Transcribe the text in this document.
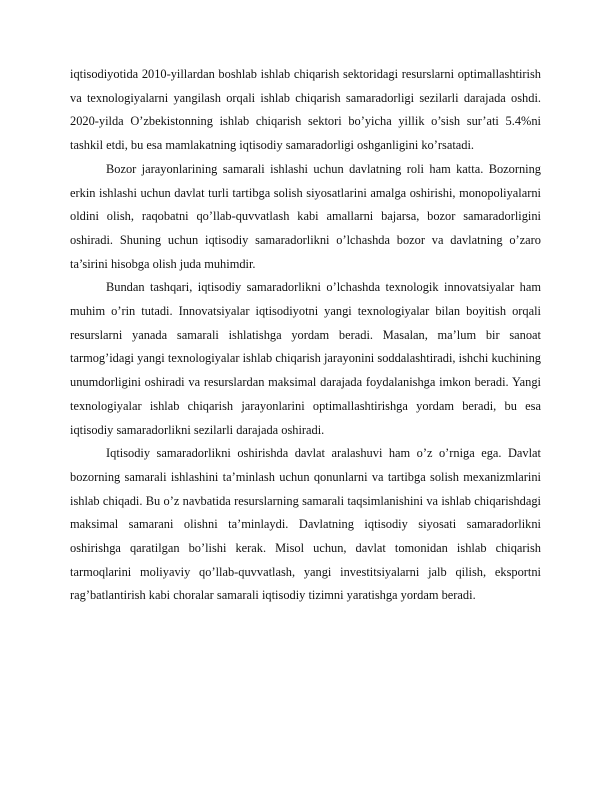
iqtisodiyotida 2010-yillardan boshlab ishlab chiqarish sektoridagi resurslarni optimallashtirish va texnologiyalarni yangilash orqali ishlab chiqarish samaradorligi sezilarli darajada oshdi. 2020-yilda O’zbekistonning ishlab chiqarish sektori bo’yicha yillik o’sish sur’ati 5.4%ni tashkil etdi, bu esa mamlakatning iqtisodiy samaradorligi oshganligini ko’rsatadi.

Bozor jarayonlarining samarali ishlashi uchun davlatning roli ham katta. Bozorning erkin ishlashi uchun davlat turli tartibga solish siyosatlarini amalga oshirishi, monopoliyalarni oldini olish, raqobatni qo’llab-quvvatlash kabi amallarni bajarsa, bozor samaradorligini oshiradi. Shuning uchun iqtisodiy samaradorlikni o’lchashda bozor va davlatning o’zaro ta’sirini hisobga olish juda muhimdir.

Bundan tashqari, iqtisodiy samaradorlikni o’lchashda texnologik innovatsiyalar ham muhim o’rin tutadi. Innovatsiyalar iqtisodiyotni yangi texnologiyalar bilan boyitish orqali resurslarni yanada samarali ishlatishga yordam beradi. Masalan, ma’lum bir sanoat tarmog’idagi yangi texnologiyalar ishlab chiqarish jarayonini soddalashtiradi, ishchi kuchining unumdorligini oshiradi va resurslardan maksimal darajada foydalanishga imkon beradi. Yangi texnologiyalar ishlab chiqarish jarayonlarini optimallashtirishga yordam beradi, bu esa iqtisodiy samaradorlikni sezilarli darajada oshiradi.

Iqtisodiy samaradorlikni oshirishda davlat aralashuvi ham o’z o’rniga ega. Davlat bozorning samarali ishlashini ta’minlash uchun qonunlarni va tartibga solish mexanizmlarini ishlab chiqadi. Bu o’z navbatida resurslarning samarali taqsimlanishini va ishlab chiqarishdagi maksimal samarani olishni ta’minlaydi. Davlatning iqtisodiy siyosati samaradorlikni oshirishga qaratilgan bo’lishi kerak. Misol uchun, davlat tomonidan ishlab chiqarish tarmoqlarini moliyaviy qo’llab-quvvatlash, yangi investitsiyalarni jalb qilish, eksportni rag’batlantirish kabi choralar samarali iqtisodiy tizimni yaratishga yordam beradi.
